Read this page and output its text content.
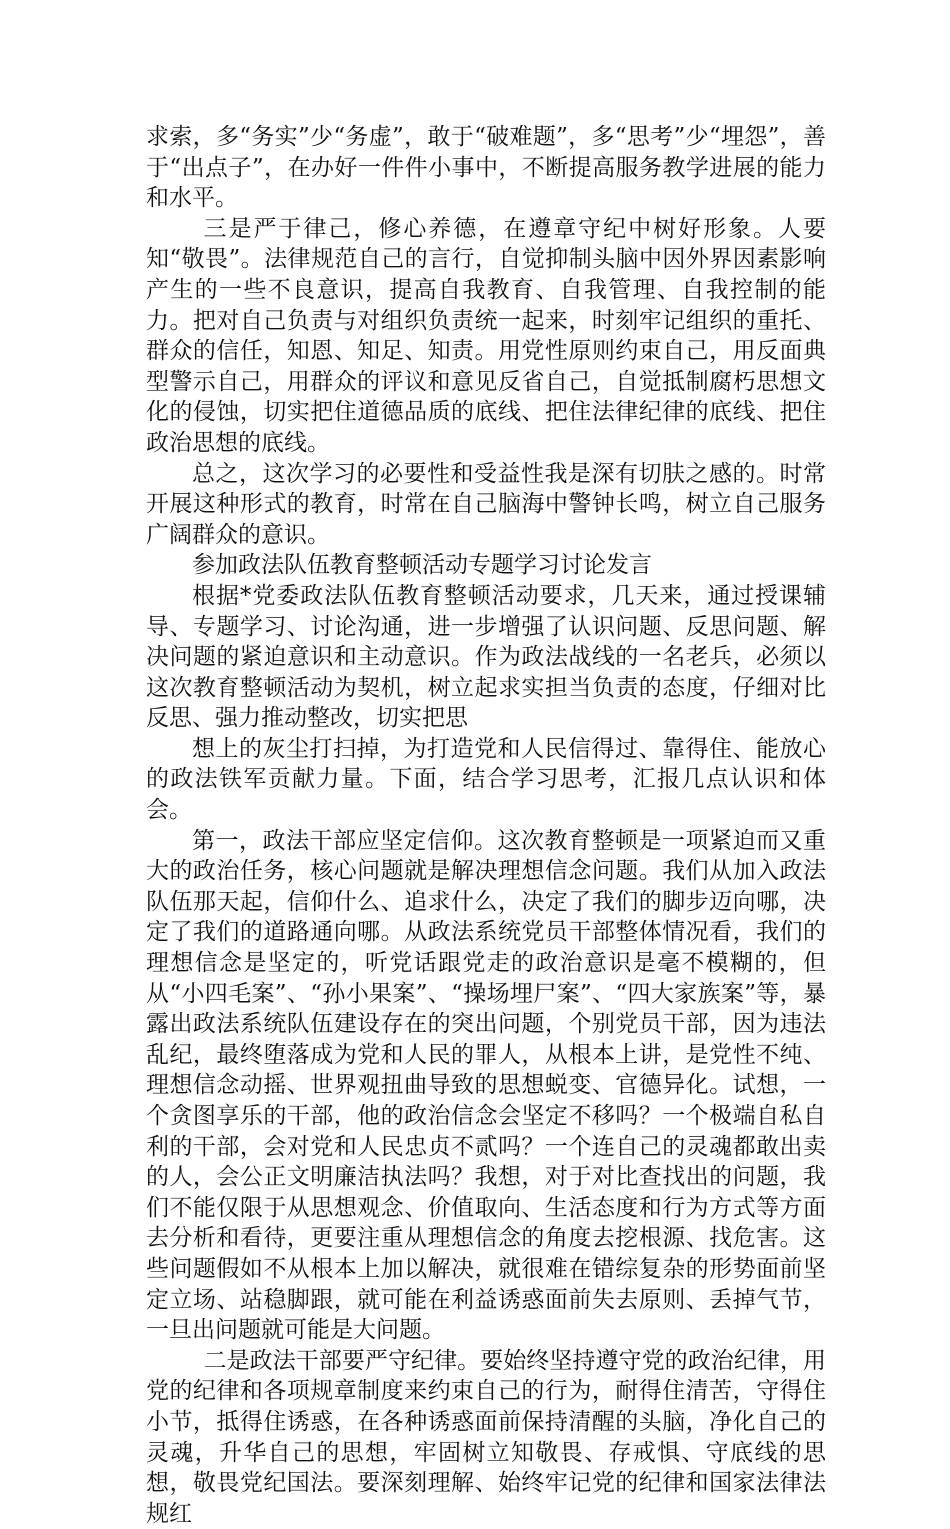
求索，多“务实”少“务虚”，敢于“破难题”，多“思考”少“埋怨”，善于“出点子”，在办好一件件小事中，不断提高服务教学进展的能力和水平。

三是严于律己，修心养德，在遵章守纪中树好形象。人要知“敬畏”。法律规范自己的言行，自觉抑制头脑中因外界因素影响产生的一些不良意识，提高自我教育、自我管理、自我控制的能力。把对自己负责与对组织负责统一起来，时刻牢记组织的重托、群众的信任，知恩、知足、知责。用党性原则约束自己，用反面典型警示自己，用群众的评议和意见反省自己，自觉抵制腐朽思想文化的侵蚀，切实把住道德品质的底线、把住法律纪律的底线、把住政治思想的底线。

总之，这次学习的必要性和受益性我是深有切肤之感的。时常开展这种形式的教育，时常在自己脑海中警钟长鸣，树立自己服务广阔群众的意识。

参加政法队伍教育整顿活动专题学习讨论发言

根据*党委政法队伍教育整顿活动要求，几天来，通过授课辅导、专题学习、讨论沟通，进一步增强了认识问题、反思问题、解决问题的紧迫意识和主动意识。作为政法战线的一名老兵，必须以这次教育整顿活动为契机，树立起求实担当负责的态度，仔细对比反思、强力推动整改，切实把思

想上的灰尘打扫掉，为打造党和人民信得过、靠得住、能放心的政法铁军贡献力量。下面，结合学习思考，汇报几点认识和体会。

第一，政法干部应坚定信仰。这次教育整顿是一项紧迫而又重大的政治任务，核心问题就是解决理想信念问题。我们从加入政法队伍那天起，信仰什么、追求什么，决定了我们的脚步迈向哪，决定了我们的道路通向哪。从政法系统党员干部整体情况看，我们的理想信念是坚定的，听党话跟党走的政治意识是毫不模糊的，但从“小四毛案”、“孙小果案”、“操场埋尸案”、“四大家族案”等，暴露出政法系统队伍建设存在的突出问题，个别党员干部，因为违法乱纪，最终堕落成为党和人民的罪人，从根本上讲，是党性不纯、理想信念动摇、世界观扭曲导致的思想蜕变、官德异化。试想，一个贪图享乐的干部，他的政治信念会坚定不移吗？一个极端自私自利的干部，会对党和人民忠贞不贰吗？一个连自己的灵魂都敢出卖的人，会公正文明廉洁执法吗？我想，对于对比查找出的问题，我们不能仅限于从思想观念、价值取向、生活态度和行为方式等方面去分析和看待，更要注重从理想信念的角度去挖根源、找危害。这些问题假如不从根本上加以解决，就很难在错综复杂的形势面前坚定立场、站稳脚跟，就可能在利益诱惑面前失去原则、丢掉气节，一旦出问题就可能是大问题。

二是政法干部要严守纪律。要始终坚持遵守党的政治纪律，用党的纪律和各项规章制度来约束自己的行为，耐得住清苦，守得住小节，抵得住诱惑，在各种诱惑面前保持清醒的头脑，净化自己的灵魂，升华自己的思想，牢固树立知敬畏、存戒惧、守底线的思想，敬畏党纪国法。要深刻理解、始终牢记党的纪律和国家法律法规红
